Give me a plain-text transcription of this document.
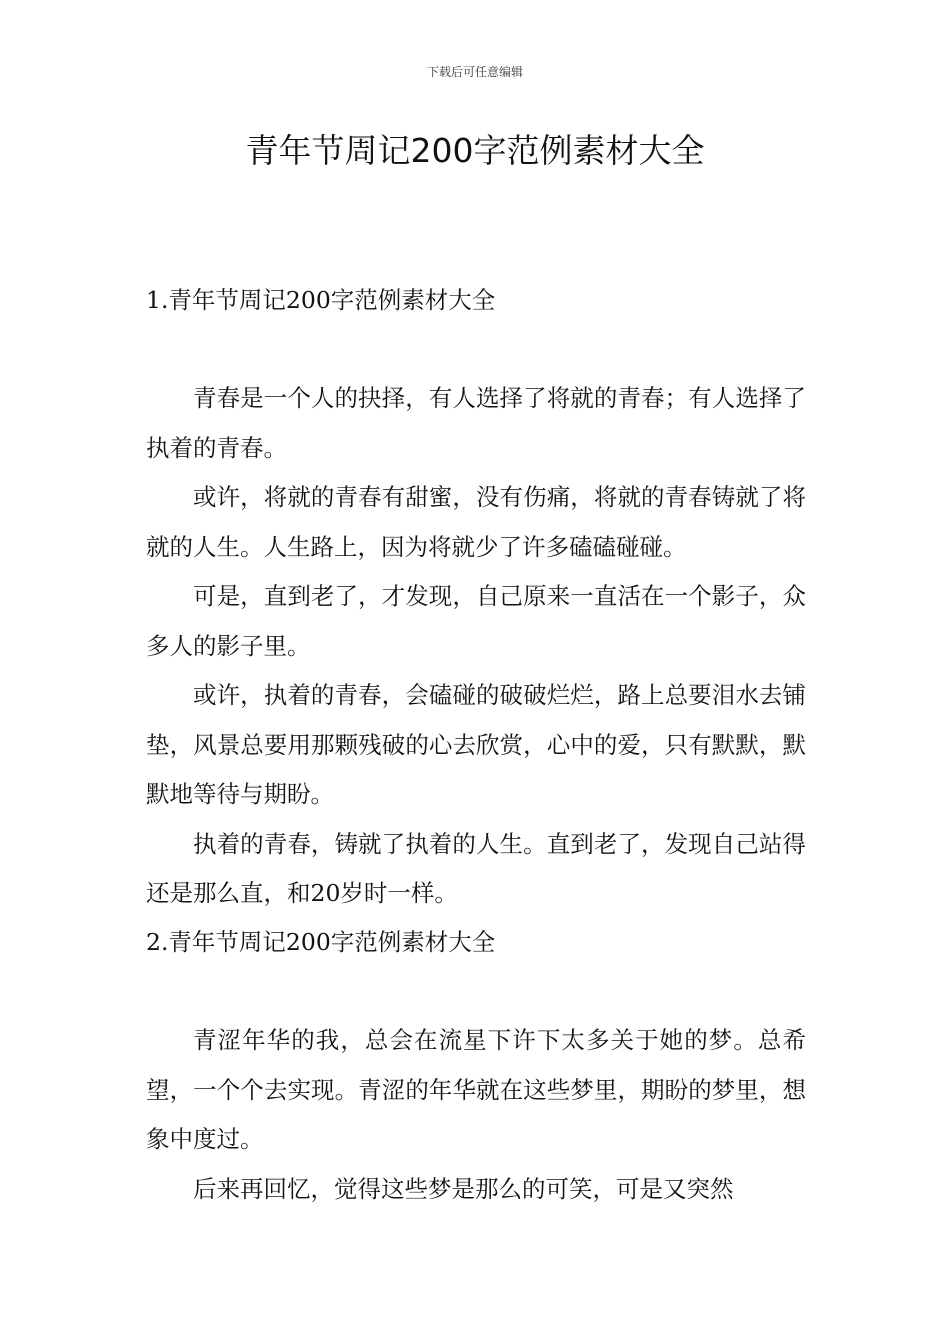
下载后可任意编辑
青年节周记200字范例素材大全

1.青年节周记200字范例素材大全

青春是一个人的抉择，有人选择了将就的青春；有人选择了执着的青春。

或许，将就的青春有甜蜜，没有伤痛，将就的青春铸就了将就的人生。人生路上，因为将就少了许多磕磕碰碰。

可是，直到老了，才发现，自己原来一直活在一个影子，众多人的影子里。

或许，执着的青春，会磕碰的破破烂烂，路上总要泪水去铺垫，风景总要用那颗残破的心去欣赏，心中的爱，只有默默，默默地等待与期盼。

执着的青春，铸就了执着的人生。直到老了，发现自己站得还是那么直，和20岁时一样。

2.青年节周记200字范例素材大全

青涩年华的我，总会在流星下许下太多关于她的梦。总希望，一个个去实现。青涩的年华就在这些梦里，期盼的梦里，想象中度过。

后来再回忆，觉得这些梦是那么的可笑，可是又突然
